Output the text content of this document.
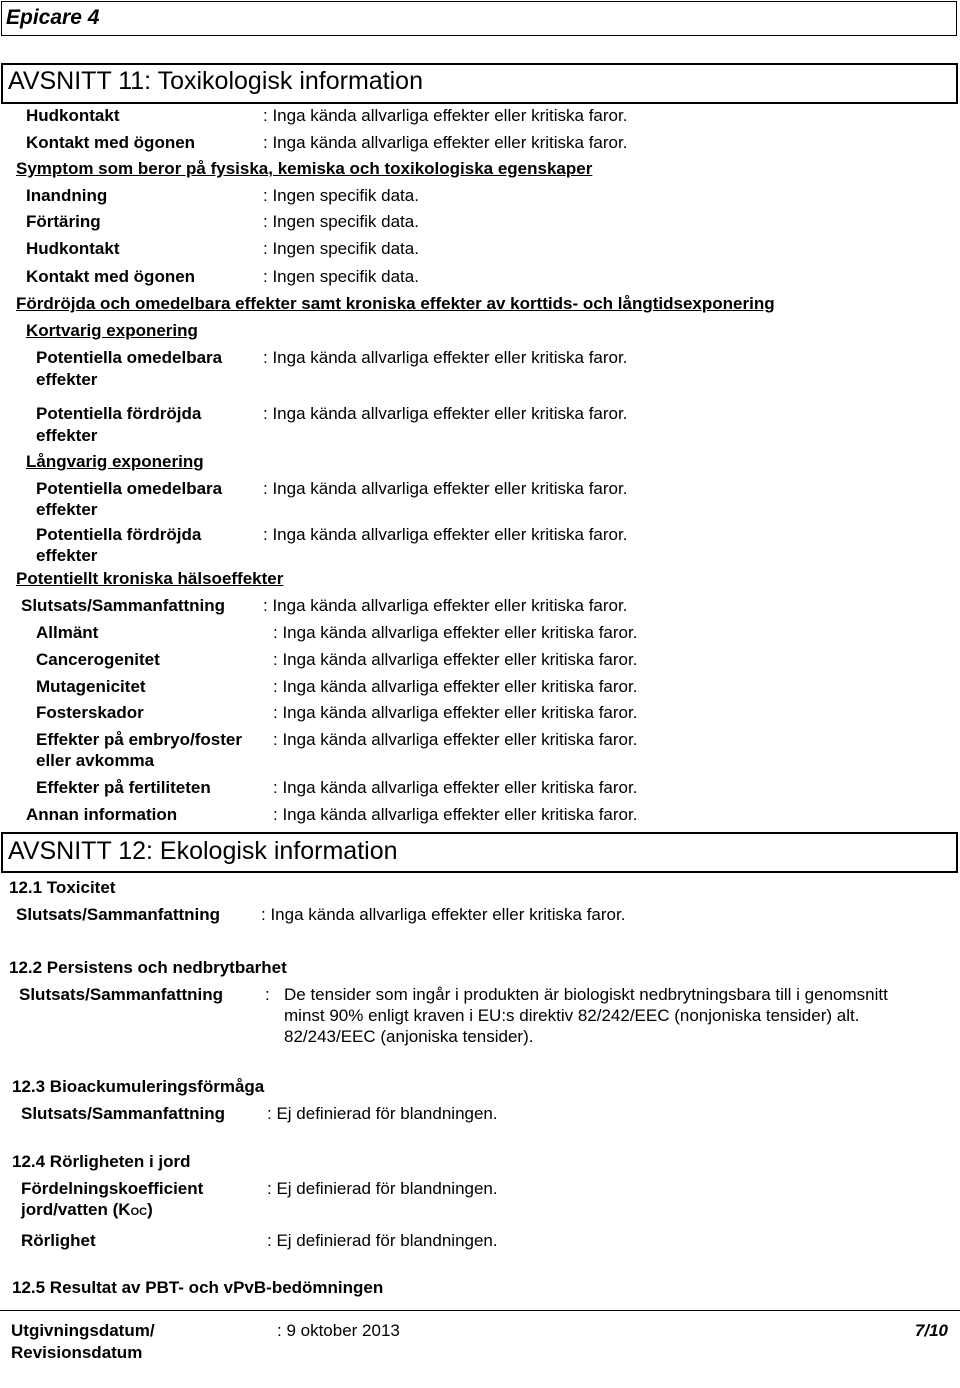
Epicare 4
AVSNITT 11: Toxikologisk information
Hudkontakt	: Inga kända allvarliga effekter eller kritiska faror.
Kontakt med ögonen	: Inga kända allvarliga effekter eller kritiska faror.
Symptom som beror på fysiska, kemiska och toxikologiska egenskaper
Inandning	: Ingen specifik data.
Förtäring	: Ingen specifik data.
Hudkontakt	: Ingen specifik data.
Kontakt med ögonen	: Ingen specifik data.
Fördröjda och omedelbara effekter samt kroniska effekter av korttids- och långtidsexponering
Kortvarig exponering
Potentiella omedelbara
effekter
: Inga kända allvarliga effekter eller kritiska faror.
Potentiella fördröjda
effekter
: Inga kända allvarliga effekter eller kritiska faror.
Långvarig exponering
Potentiella omedelbara
effekter
: Inga kända allvarliga effekter eller kritiska faror.
Potentiella fördröjda
effekter
: Inga kända allvarliga effekter eller kritiska faror.
Potentiellt kroniska hälsoeffekter
Slutsats/Sammanfattning : Inga kända allvarliga effekter eller kritiska faror.
Allmänt	: Inga kända allvarliga effekter eller kritiska faror.
Cancerogenitet	: Inga kända allvarliga effekter eller kritiska faror.
Mutagenicitet	: Inga kända allvarliga effekter eller kritiska faror.
Fosterskador	: Inga kända allvarliga effekter eller kritiska faror.
Effekter på embryo/foster
eller avkomma
: Inga kända allvarliga effekter eller kritiska faror.
Effekter på fertiliteten	: Inga kända allvarliga effekter eller kritiska faror.
Annan information	: Inga kända allvarliga effekter eller kritiska faror.
AVSNITT 12: Ekologisk information
12.1 Toxicitet
Slutsats/Sammanfattning : Inga kända allvarliga effekter eller kritiska faror.
12.2 Persistens och nedbrytbarhet
Slutsats/Sammanfattning : De tensider som ingår i produkten är biologiskt nedbrytningsbara till i genomsnitt
minst 90% enligt kraven i EU:s direktiv 82/242/EEC (nonjoniska tensider) alt.
82/243/EEC (anjoniska tensider).
12.3 Bioackumuleringsförmåga
Slutsats/Sammanfattning : Ej definierad för blandningen.
12.4 Rörligheten i jord
Fördelningskoefficient
jord/vatten (KOC)
: Ej definierad för blandningen.
Rörlighet	: Ej definierad för blandningen.
12.5 Resultat av PBT- och vPvB-bedömningen
Utgivningsdatum/
Revisionsdatum
: 9 oktober 2013	7/10
